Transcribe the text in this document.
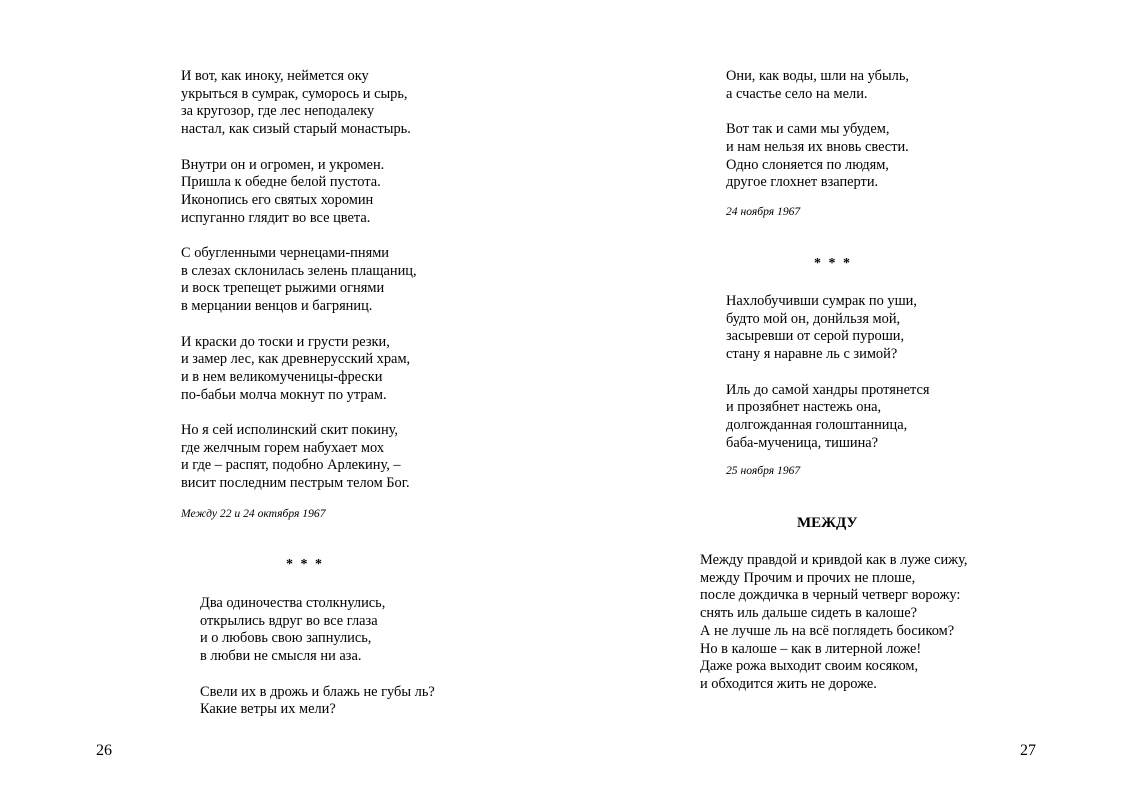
И вот, как иноку, неймется оку
укрыться в сумрак, суморось и сырь,
за кругозор, где лес неподалеку
настал, как сизый старый монастырь.
Внутри он и огромен, и укромен.
Пришла к обедне белой пустота.
Иконопись его святых хоромин
испуганно глядит во все цвета.
С обугленными чернецами-пнями
в слезах склонилась зелень плащаниц,
и воск трепещет рыжими огнями
в мерцании венцов и багряниц.
И краски до тоски и грусти резки,
и замер лес, как древнерусский храм,
и в нем великомученицы-фрески
по-бабьи молча мокнут по утрам.
Но я сей исполинский скит покину,
где желчным горем набухает мох
и где – распят, подобно Арлекину, –
висит последним пестрым телом Бог.
Между 22 и 24 октября 1967
* * *
Два одиночества столкнулись,
открылись вдруг во все глаза
и о любовь свою запнулись,
в любви не смысля ни аза.
Свели их в дрожь и блажь не губы ль?
Какие ветры их мели?
26
Они, как воды, шли на убыль,
а счастье село на мели.
Вот так и сами мы убудем,
и нам нельзя их вновь свести.
Одно слоняется по людям,
другое глохнет взаперти.
24 ноября 1967
* * *
Нахлобучивши сумрак по уши,
будто мой он, донйльзя мой,
засыревши от серой пуроши,
стану я наравне ль с зимой?
Иль до самой хандры протянется
и прозябнет настежь она,
долгожданная голоштанница,
баба-мученица, тишина?
25 ноября 1967
МЕЖДУ
Между правдой и кривдой как в луже сижу,
между Прочим и прочих не плоше,
после дождичка в черный четверг ворожу:
снять иль дальше сидеть в калоше?
А не лучше ль на всё поглядеть босиком?
Но в калоше – как в литерной ложе!
Даже рожа выходит своим косяком,
и обходится жить не дороже.
27
